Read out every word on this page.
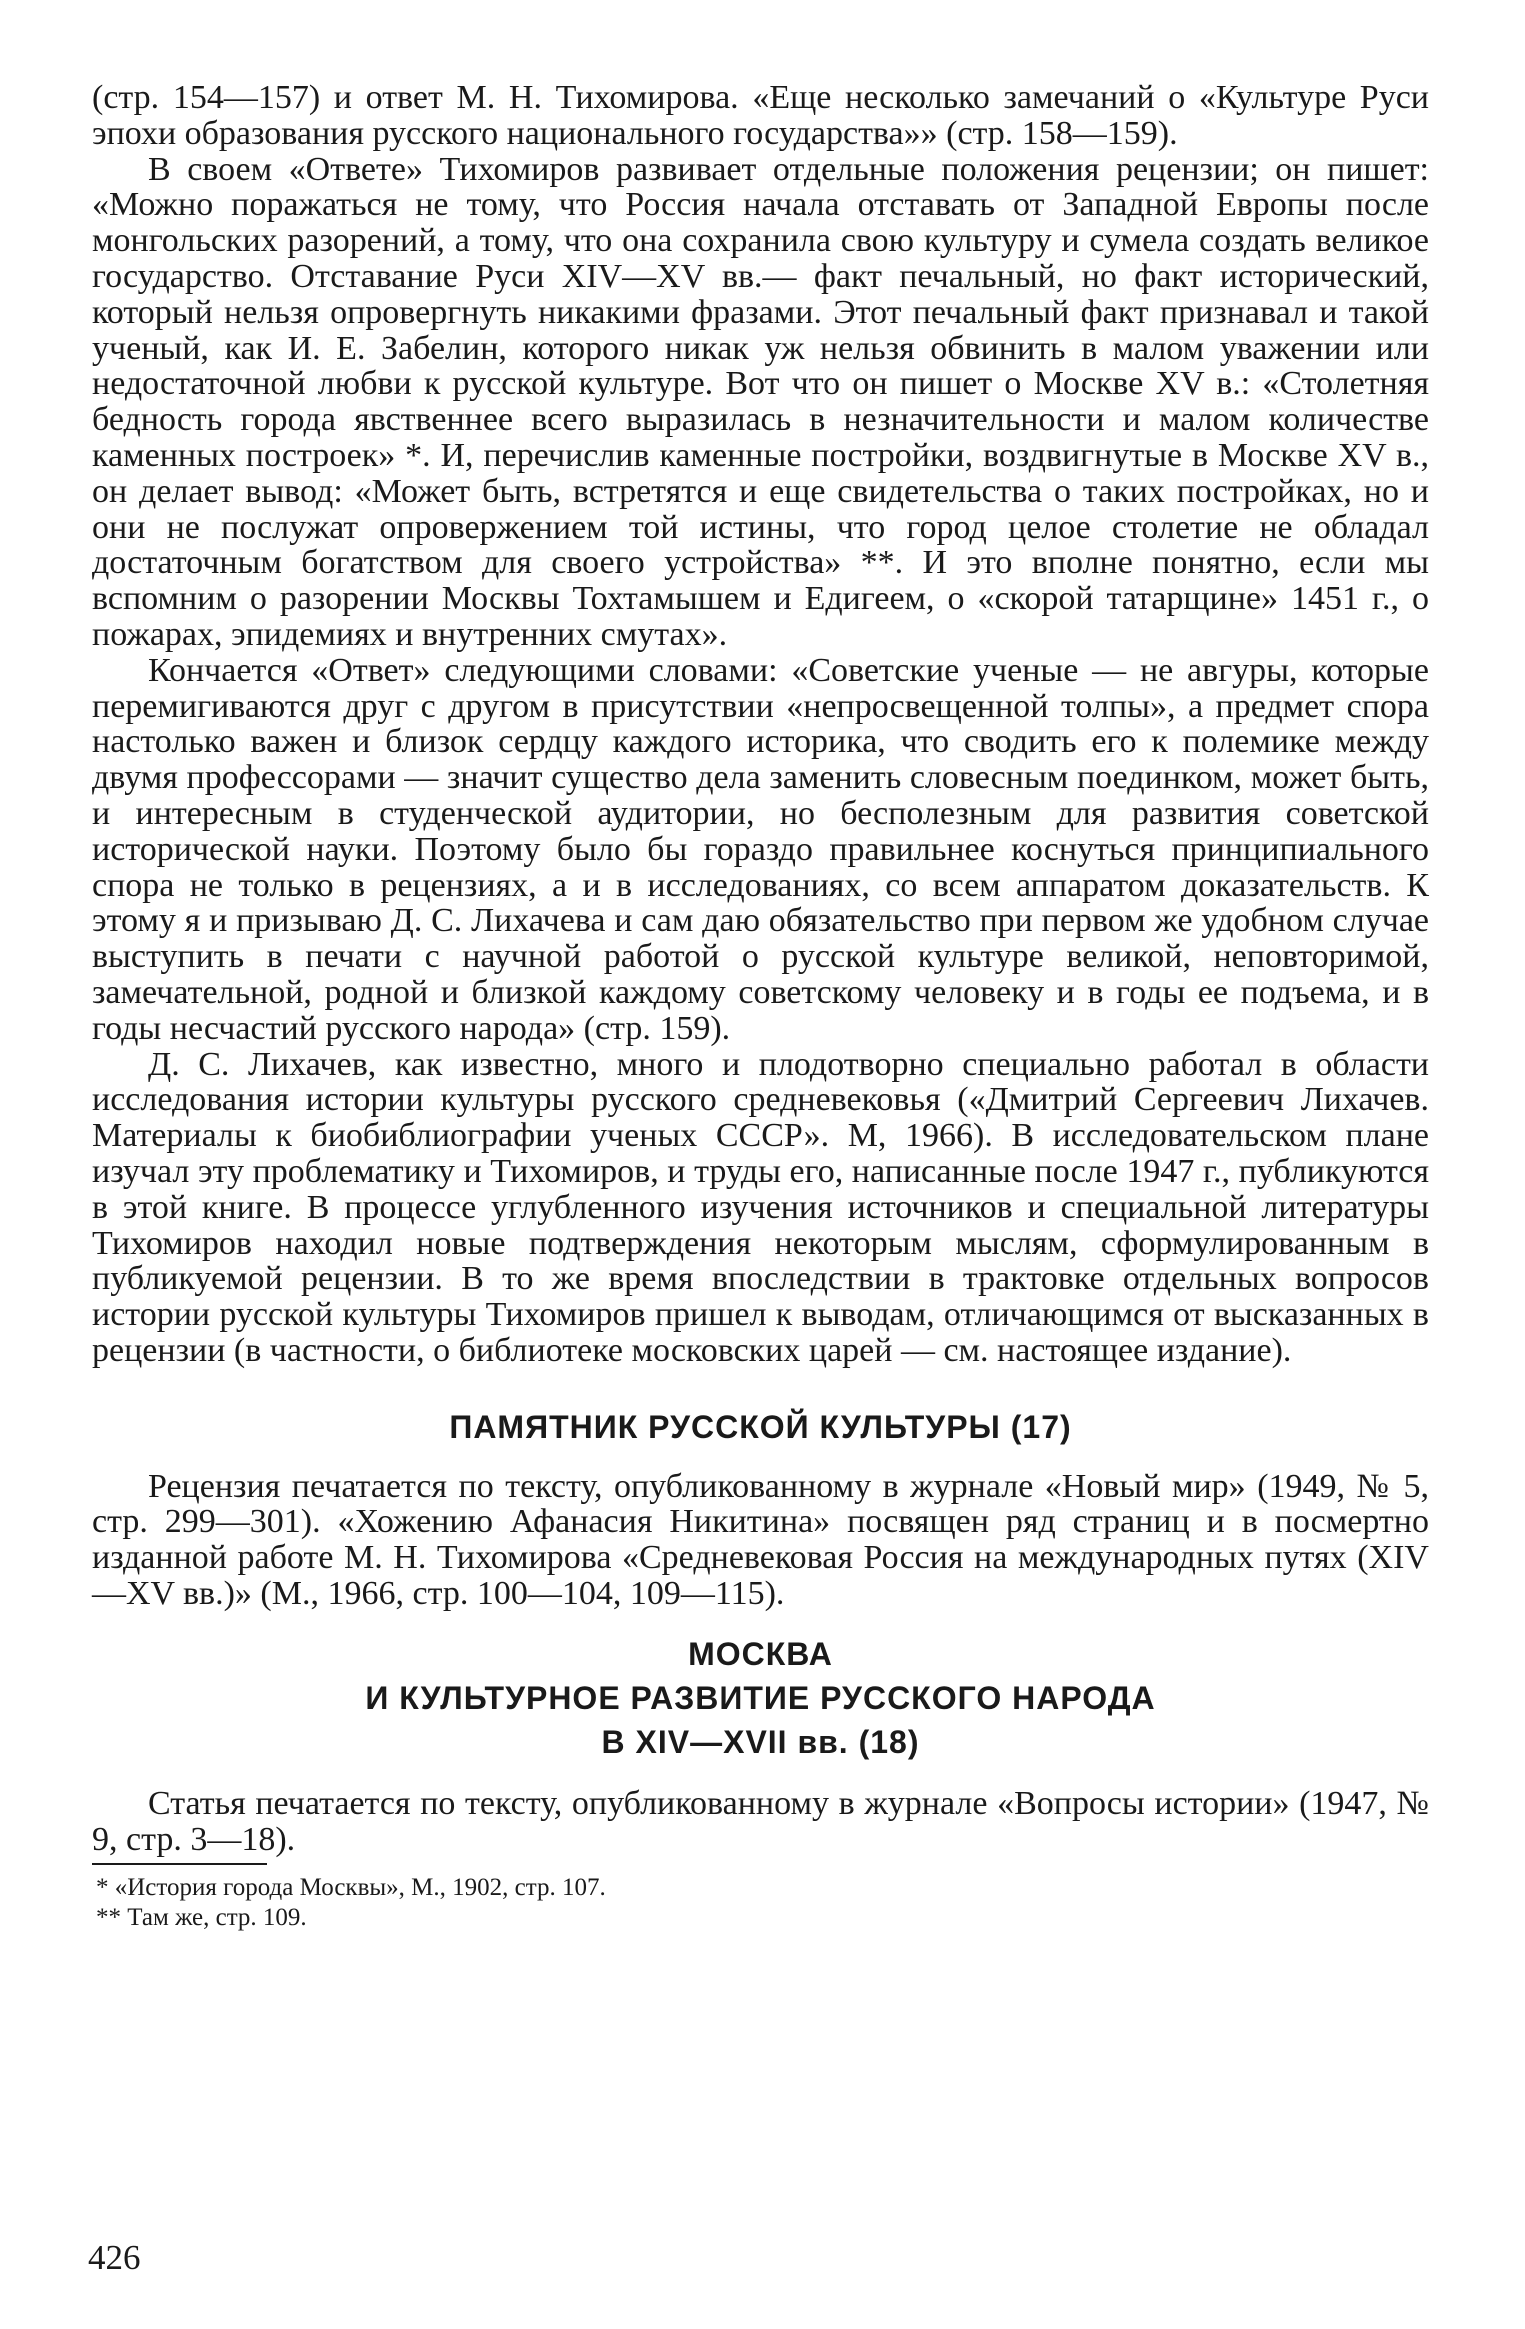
(стр. 154—157) и ответ М. Н. Тихомирова. «Еще несколько замечаний о «Культуре Руси эпохи образования русского национального государства»» (стр. 158—159).

В своем «Ответе» Тихомиров развивает отдельные положения рецензии; он пишет: «Можно поражаться не тому, что Россия начала отставать от Западной Европы после монгольских разорений, а тому, что она сохранила свою культуру и сумела создать великое государство. Отставание Руси XIV—XV вв.— факт печальный, но факт исторический, который нельзя опровергнуть никакими фразами. Этот печальный факт признавал и такой ученый, как И. Е. Забелин, которого никак уж нельзя обвинить в малом уважении или недостаточной любви к русской культуре. Вот что он пишет о Москве XV в.: «Столетняя бедность города явственнее всего выразилась в незначительности и малом количестве каменных построек» *. И, перечислив каменные постройки, воздвигнутые в Москве XV в., он делает вывод: «Может быть, встретятся и еще свидетельства о таких постройках, но и они не послужат опровержением той истины, что город целое столетие не обладал достаточным богатством для своего устройства» **. И это вполне понятно, если мы вспомним о разорении Москвы Тохтамышем и Едигеем, о «скорой татарщине» 1451 г., о пожарах, эпидемиях и внутренних смутах».

Кончается «Ответ» следующими словами: «Советские ученые — не авгуры, которые перемигиваются друг с другом в присутствии «непросвещенной толпы», а предмет спора настолько важен и близок сердцу каждого историка, что сводить его к полемике между двумя профессорами — значит существо дела заменить словесным поединком, может быть, и интересным в студенческой аудитории, но бесполезным для развития советской исторической науки. Поэтому было бы гораздо правильнее коснуться принципиального спора не только в рецензиях, а и в исследованиях, со всем аппаратом доказательств. К этому я и призываю Д. С. Лихачева и сам даю обязательство при первом же удобном случае выступить в печати с научной работой о русской культуре великой, неповторимой, замечательной, родной и близкой каждому советскому человеку и в годы ее подъема, и в годы несчастий русского народа» (стр. 159).

Д. С. Лихачев, как известно, много и плодотворно специально работал в области исследования истории культуры русского средневековья («Дмитрий Сергеевич Лихачев. Материалы к биобиблиографии ученых СССР». М, 1966). В исследовательском плане изучал эту проблематику и Тихомиров, и труды его, написанные после 1947 г., публикуются в этой книге. В процессе углубленного изучения источников и специальной литературы Тихомиров находил новые подтверждения некоторым мыслям, сформулированным в публикуемой рецензии. В то же время впоследствии в трактовке отдельных вопросов истории русской культуры Тихомиров пришел к выводам, отличающимся от высказанных в рецензии (в частности, о библиотеке московских царей — см. настоящее издание).

ПАМЯТНИК РУССКОЙ КУЛЬТУРЫ (17)

Рецензия печатается по тексту, опубликованному в журнале «Новый мир» (1949, № 5, стр. 299—301). «Хожению Афанасия Никитина» посвящен ряд страниц и в посмертно изданной работе М. Н. Тихомирова «Средневековая Россия на международных путях (XIV—XV вв.)» (М., 1966, стр. 100—104, 109—115).

МОСКВА
И КУЛЬТУРНОЕ РАЗВИТИЕ РУССКОГО НАРОДА
В XIV—XVII вв. (18)

Статья печатается по тексту, опубликованному в журнале «Вопросы истории» (1947, № 9, стр. 3—18).

* «История города Москвы», М., 1902, стр. 107.

** Там же, стр. 109.

426
